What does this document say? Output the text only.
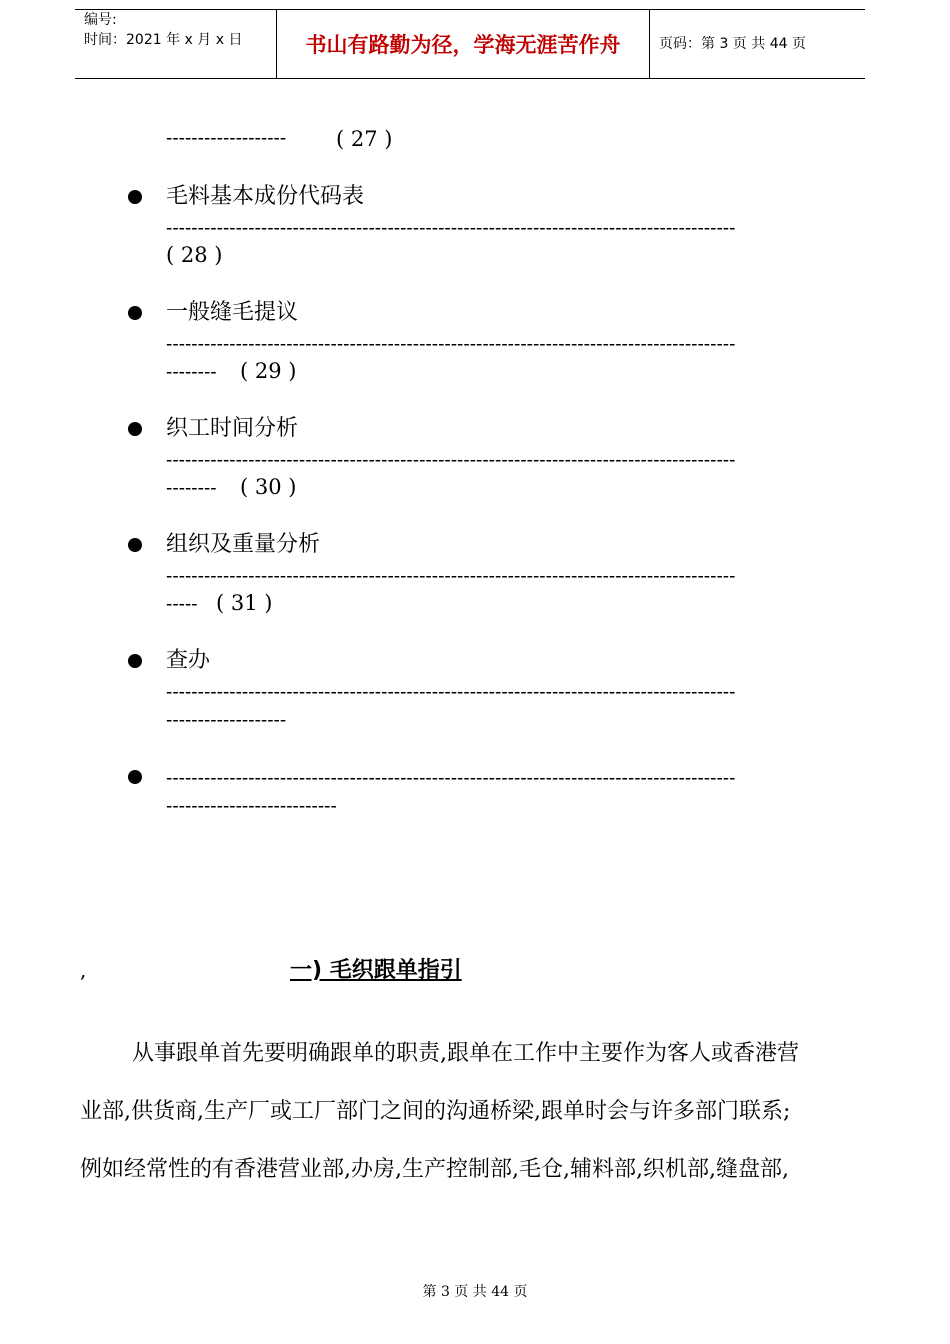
编号:
时间：2021 年 x 月 x 日	书山有路勤为径，学海无涯苦作舟	页码：第 3 页 共 44 页
------------------- ( 27 )
毛料基本成份代码表
------------------------------------------------------------------------------------------
( 28 )
一般缝毛提议
------------------------------------------------------------------------------------------
-------- ( 29 )
织工时间分析
------------------------------------------------------------------------------------------
-------- ( 30 )
组织及重量分析
------------------------------------------------------------------------------------------
----- ( 31 )
查办
------------------------------------------------------------------------------------------
-------------------
------------------------------------------------------------------------------------------
---------------------------
,	一) 毛织跟单指引
从事跟单首先要明确跟单的职责,跟单在工作中主要作为客人或香港营
业部,供货商,生产厂或工厂部门之间的沟通桥梁,跟单时会与许多部门联系;
例如经常性的有香港营业部,办房,生产控制部,毛仓,辅料部,织机部,缝盘部,
第 3 页 共 44 页
